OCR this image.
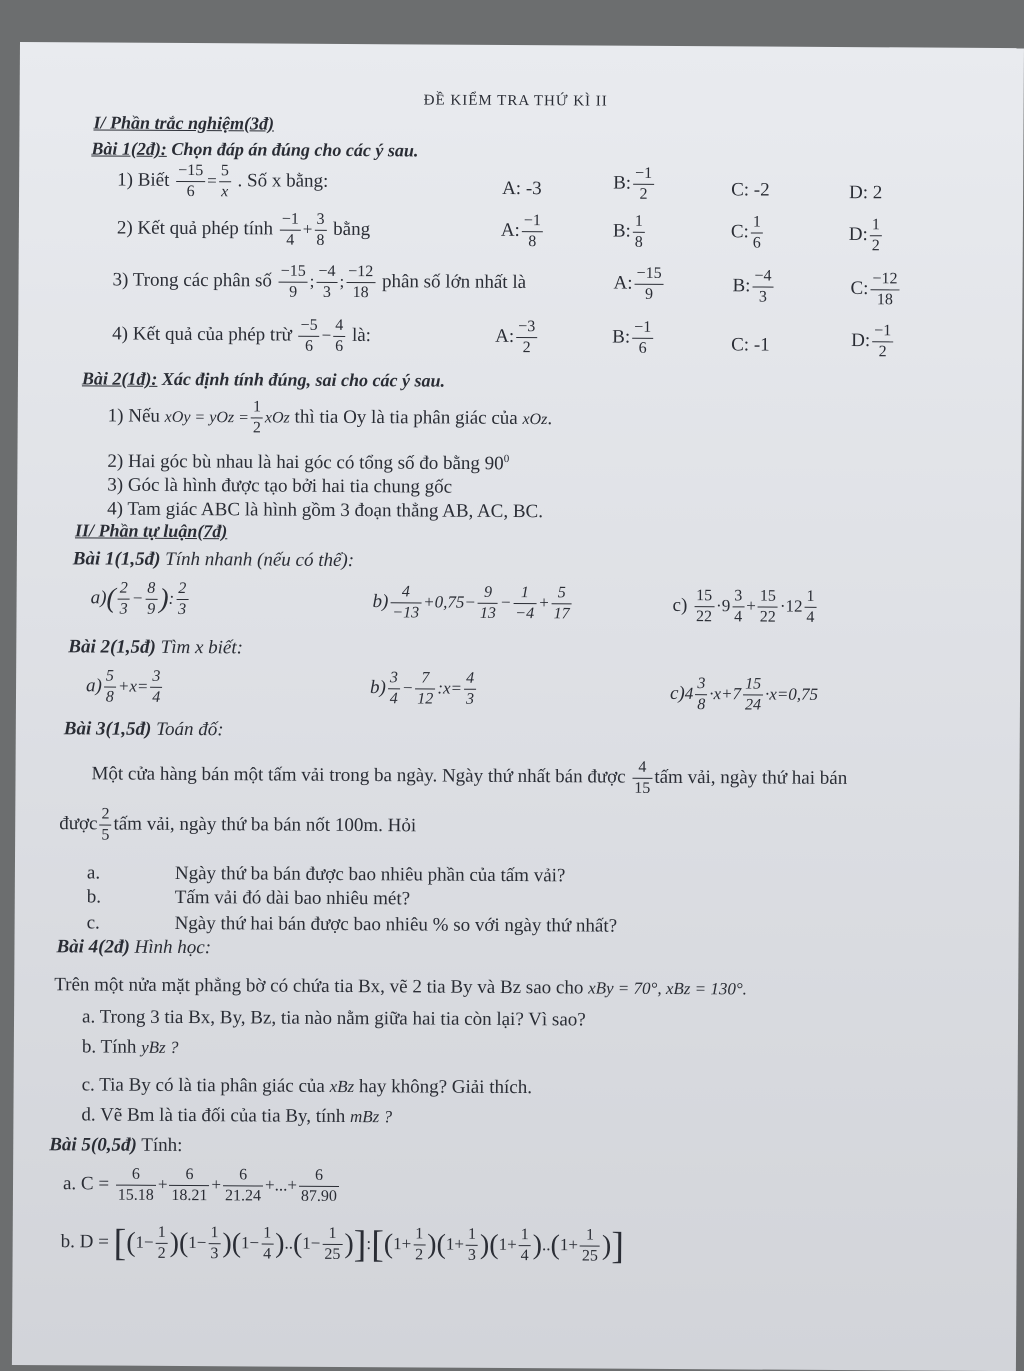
ĐỀ KIỂM TRA THỨ KÌ II
I/ Phần trắc nghiệm(3đ)
Bài 1(2đ): Chọn đáp án đúng cho các ý sau.
1) Biết $\frac{-15}{6} = \frac{5}{x}$ . Số x bằng:	A: -3	B: $\frac{-1}{2}$	C: -2	D: 2
2) Kết quả phép tính $\frac{-1}{4} + \frac{3}{8}$ bằng	A: $\frac{-1}{8}$	B: $\frac{1}{8}$	C: $\frac{1}{6}$	D: $\frac{1}{2}$
3) Trong các phân số $\frac{-15}{9}$ ; $\frac{-4}{3}$ ; $\frac{-12}{18}$ phân số lớn nhất là	A: $\frac{-15}{9}$	B: $\frac{-4}{3}$	C: $\frac{-12}{18}$
4) Kết quả của phép trừ $\frac{-5}{6} - \frac{4}{6}$ là:	A: $\frac{-3}{2}$	B: $\frac{-1}{6}$	C: -1	D: $\frac{-1}{2}$
Bài 2(1đ): Xác định tính đúng, sai cho các ý sau.
1) Nếu xOy = yOz = $\frac{1}{2}$ xOz thì tia Oy là tia phân giác của xOz.
2) Hai góc bù nhau là hai góc có tổng số đo bằng $90^0$
3) Góc là hình được tạo bởi hai tia chung gốc
4) Tam giác ABC là hình gồm 3 đoạn thẳng AB, AC, BC.
II/ Phần tự luận(7đ)
Bài 1(1,5đ) Tính nhanh (nếu có thể):
$a)( \frac{2}{3} - \frac{8}{9}$ ): $\frac{2}{3}$	$b) \frac{4}{-13} +0,75- \frac{9}{13} - \frac{1}{-4} + \frac{5}{17}$	$c) \frac{15}{22} \cdot 9 \frac{3}{4} + \frac{15}{22} \cdot 12 \frac{1}{4}$
Bài 2(1,5đ) Tìm x biết:
$a) \frac{5}{8} +x= \frac{3}{4}$	$b) \frac{3}{4} - \frac{7}{12}$ :x= $\frac{4}{3}$	$c)4 \frac{3}{8} \cdot x+7 \frac{15}{24} \cdot x=0,75$
Bài 3(1,5đ) Toán đố:
Một cửa hàng bán một tấm vải trong ba ngày. Ngày thứ nhất bán được $\frac{4}{15}$ tấm vải, ngày thứ hai bán
được $\frac{2}{5}$ tấm vải, ngày thứ ba bán nốt 100m. Hỏi
a.	Ngày thứ ba bán được bao nhiêu phần của tấm vải?
b.	Tấm vải đó dài bao nhiêu mét?
c.	Ngày thứ hai bán được bao nhiêu % so với ngày thứ nhất?
Bài 4(2đ) Hình học:
Trên một nửa mặt phẳng bờ có chứa tia Bx, vẽ 2 tia By và Bz sao cho xBy = 70°, xBz = 130°.
a. Trong 3 tia Bx, By, Bz, tia nào nằm giữa hai tia còn lại? Vì sao?
b. Tính yBz ?
c. Tia By có là tia phân giác của xBz hay không? Giải thích.
d. Vẽ Bm là tia đối của tia By, tính mBz ?
Bài 5(0,5đ) Tính:
a. $C = \frac{6}{15.18} + \frac{6}{18.21} + \frac{6}{21.24}$ +...+ $\frac{6}{87.90}$
b. $D = [(1- \frac{1}{2} )(1- \frac{1}{3} )(1- \frac{1}{4} )..(1- \frac{1}{25}$ )]:[(1+ $\frac{1}{2} )(1+ \frac{1}{3} )(1+ \frac{1}{4} )..(1+ \frac{1}{25}$ )]
